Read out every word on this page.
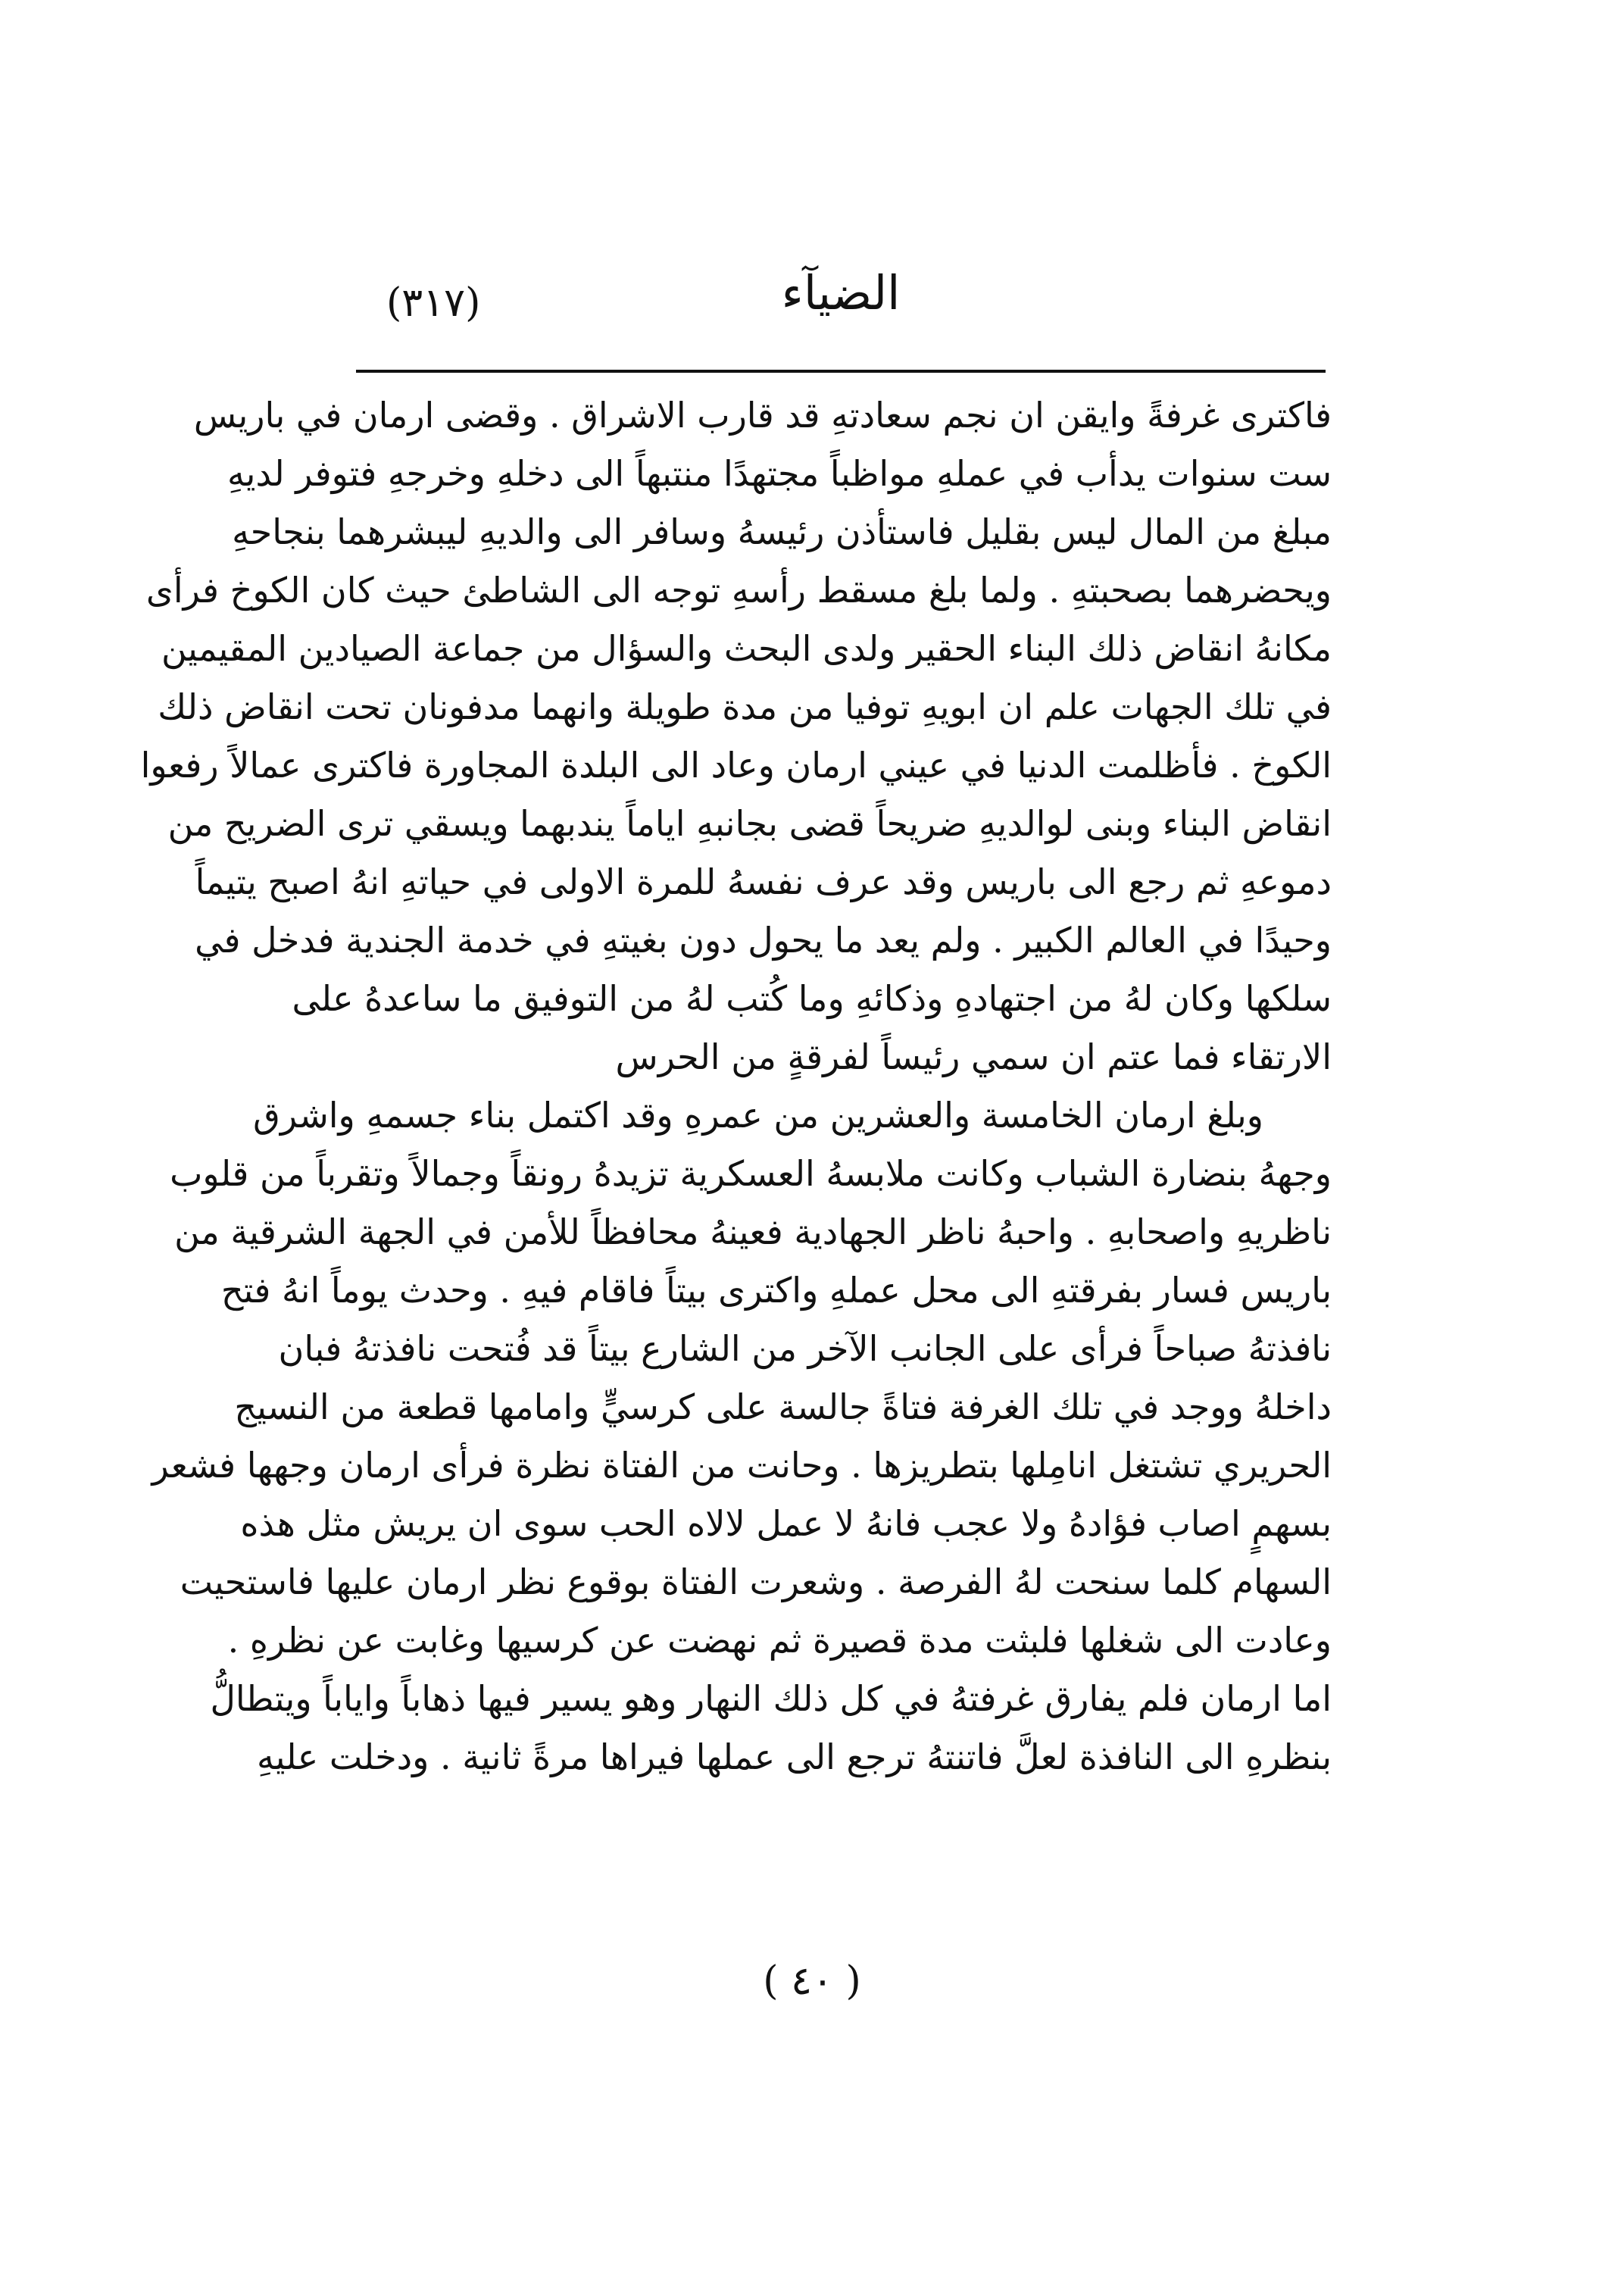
الضيآء
(٣١٧)
فاكترى غرفةً وايقن ان نجم سعادتهِ قد قارب الاشراق . وقضى ارمان في باريس
ست سنوات يدأب في عملهِ مواظباً مجتهدًا منتبهاً الى دخلهِ وخرجهِ فتوفر لديهِ
مبلغ من المال ليس بقليل فاستأذن رئيسهُ وسافر الى والديهِ ليبشرهما بنجاحهِ
ويحضرهما بصحبتهِ . ولما بلغ مسقط رأسهِ توجه الى الشاطئ حيث كان الكوخ فرأى
مكانهُ انقاض ذلك البناء الحقير ولدى البحث والسؤال من جماعة الصيادين المقيمين
في تلك الجهات علم ان ابويهِ توفيا من مدة طويلة وانهما مدفونان تحت انقاض ذلك
الكوخ . فأظلمت الدنيا في عيني ارمان وعاد الى البلدة المجاورة فاكترى عمالاً رفعوا
انقاض البناء وبنى لوالديهِ ضريحاً قضى بجانبهِ اياماً يندبهما ويسقي ترى الضريح من
دموعهِ ثم رجع الى باريس وقد عرف نفسهُ للمرة الاولى في حياتهِ انهُ اصبح يتيماً
وحيدًا في العالم الكبير . ولم يعد ما يحول دون بغيتهِ في خدمة الجندية فدخل في
سلكها وكان لهُ من اجتهادهِ وذكائهِ وما كُتب لهُ من التوفيق ما ساعدهُ على
الارتقاء فما عتم ان سمي رئيساً لفرقةٍ من الحرس
وبلغ ارمان الخامسة والعشرين من عمرهِ وقد اكتمل بناء جسمهِ واشرق
وجههُ بنضارة الشباب وكانت ملابسهُ العسكرية تزيدهُ رونقاً وجمالاً وتقرباً من قلوب
ناظريهِ واصحابهِ . واحبهُ ناظر الجهادية فعينهُ محافظاً للأمن في الجهة الشرقية من
باريس فسار بفرقتهِ الى محل عملهِ واكترى بيتاً فاقام فيهِ . وحدث يوماً انهُ فتح
نافذتهُ صباحاً فرأى على الجانب الآخر من الشارع بيتاً قد فُتحت نافذتهُ فبان
داخلهُ ووجد في تلك الغرفة فتاةً جالسة على كرسيٍّ وامامها قطعة من النسيج
الحريري تشتغل انامِلها بتطريزها . وحانت من الفتاة نظرة فرأى ارمان وجهها فشعر
بسهمٍ اصاب فؤادهُ ولا عجب فانهُ لا عمل لالاه الحب سوى ان يريش مثل هذه
السهام كلما سنحت لهُ الفرصة . وشعرت الفتاة بوقوع نظر ارمان عليها فاستحيت
وعادت الى شغلها فلبثت مدة قصيرة ثم نهضت عن كرسيها وغابت عن نظرهِ .
اما ارمان فلم يفارق غرفتهُ في كل ذلك النهار وهو يسير فيها ذهاباً واياباً ويتطالُّ
بنظرهِ الى النافذة لعلَّ فاتنتهُ ترجع الى عملها فيراها مرةً ثانية . ودخلت عليهِ
( ٤٠ )
